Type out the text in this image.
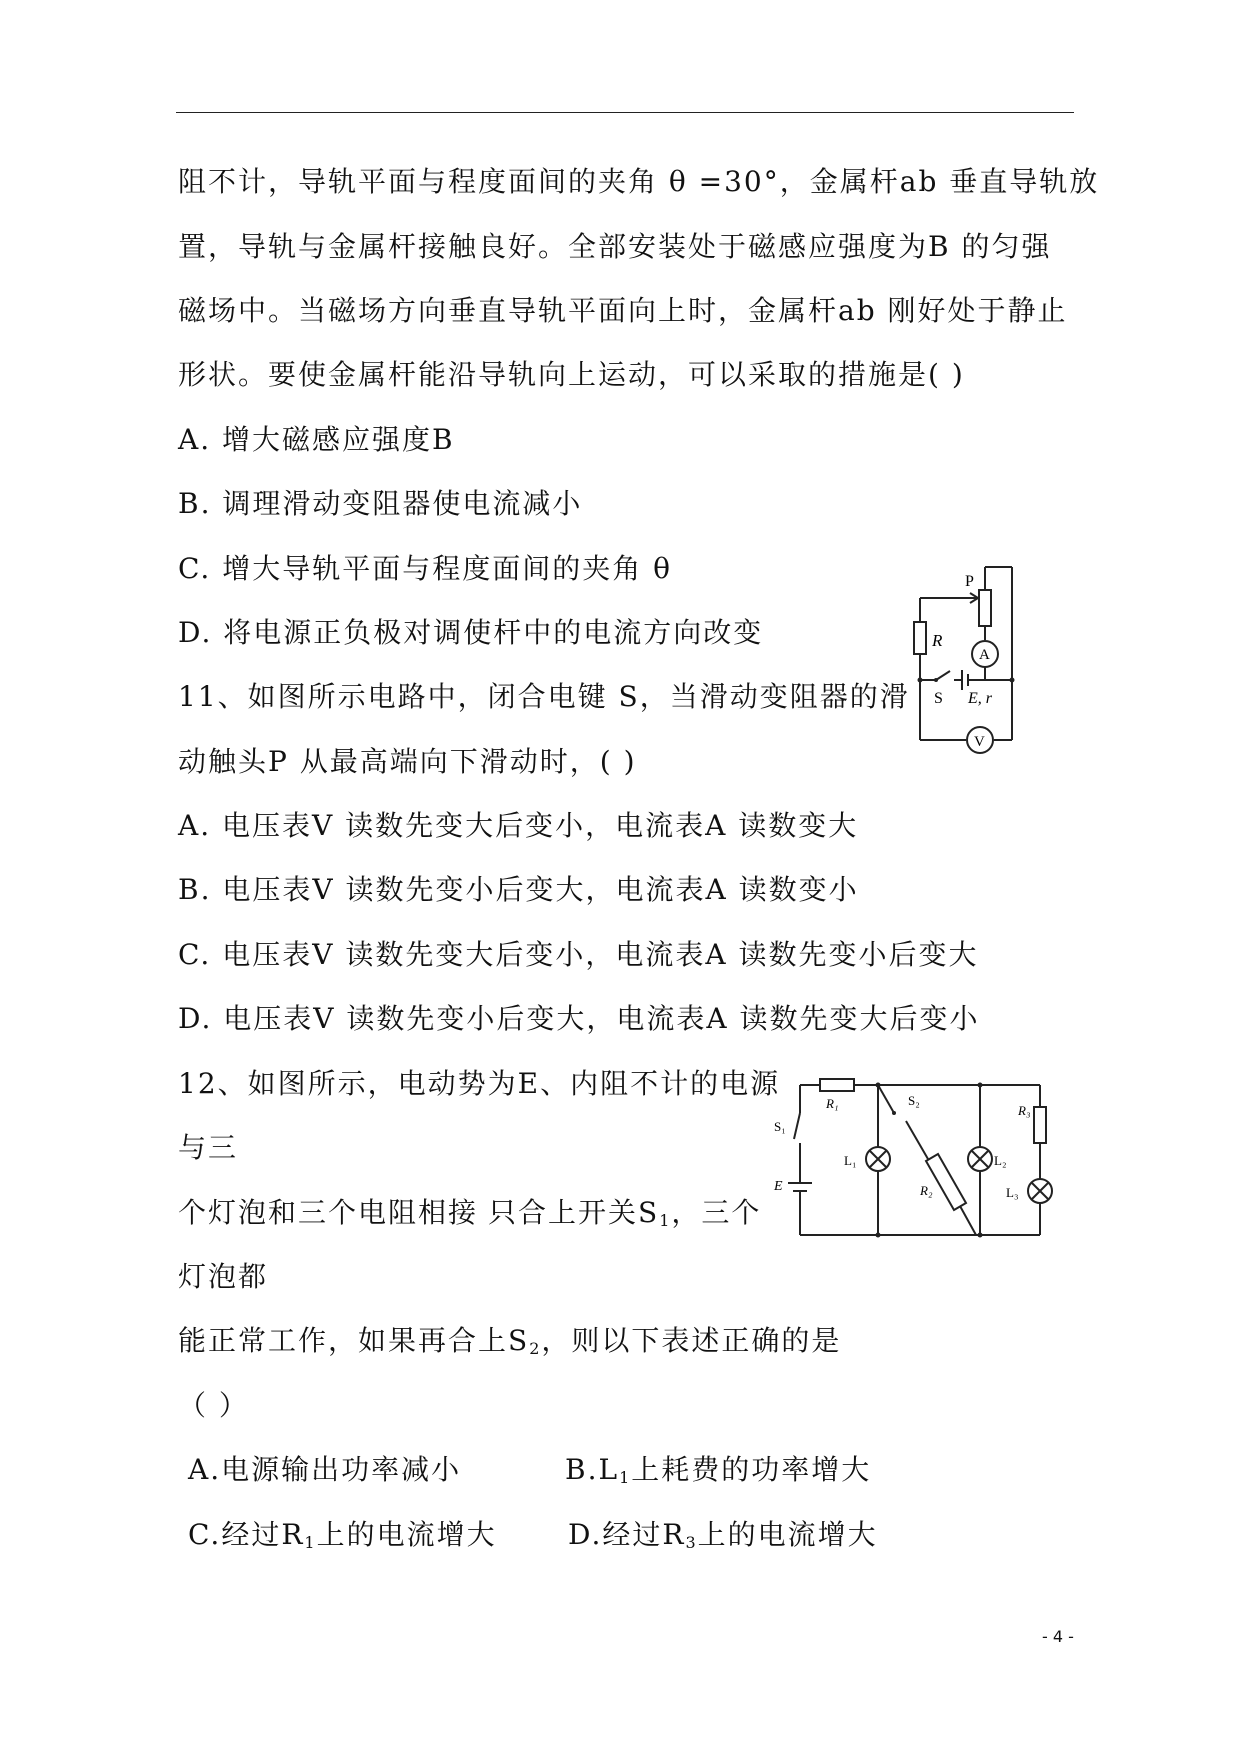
阻不计，导轨平面与程度面间的夹角 θ =30°，金属杆ab 垂直导轨放
置，导轨与金属杆接触良好。全部安装处于磁感应强度为B 的匀强
磁场中。当磁场方向垂直导轨平面向上时，金属杆ab 刚好处于静止
形状。要使金属杆能沿导轨向上运动，可以采取的措施是( )
A. 增大磁感应强度B
B. 调理滑动变阻器使电流减小
C. 增大导轨平面与程度面间的夹角 θ
D. 将电源正负极对调使杆中的电流方向改变
11、如图所示电路中，闭合电键 S，当滑动变阻器的滑
动触头P 从最高端向下滑动时，( )
A. 电压表V 读数先变大后变小，电流表A 读数变大
B. 电压表V 读数先变小后变大，电流表A 读数变小
C. 电压表V 读数先变大后变小，电流表A 读数先变小后变大
D. 电压表V 读数先变小后变大，电流表A 读数先变大后变小
P
R
A
S E, r
V
12、如图所示，电动势为E、内阻不计的电源
与三
个灯泡和三个电阻相接 只合上开关$S_1$，三个
灯泡都
能正常工作，如果再合上$S_2$，则以下表述正确的是
（ ）
A.电源输出功率减小	$B.L_1$上耗费的功率增大
C.经过$R_1$上的电流增大	D.经过$R_3$上的电流增大
R₁
S₁
S₂
L₁	L₂
L₃
R₂
R₃
E
- 4 -
